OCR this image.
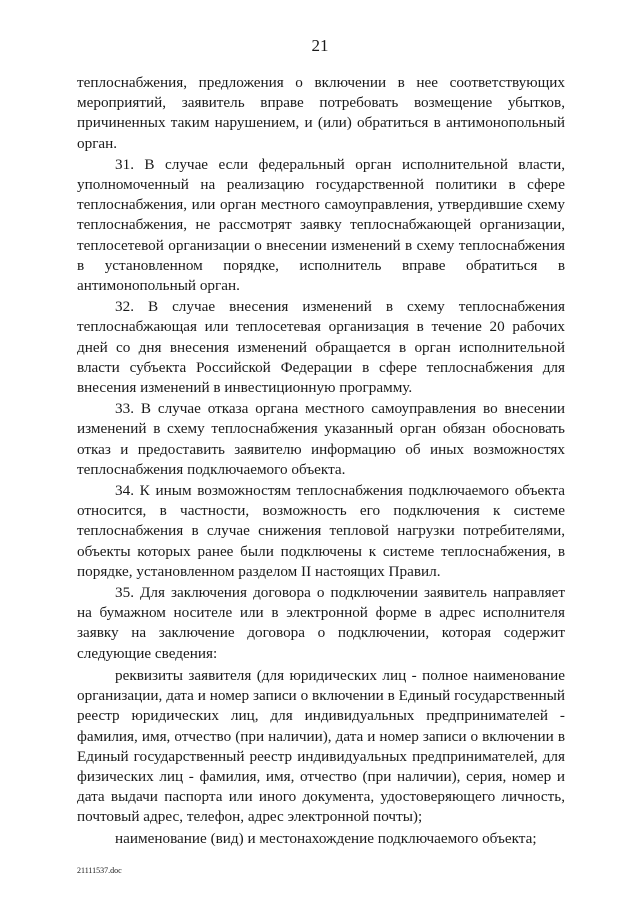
21

теплоснабжения, предложения о включении в нее соответствующих мероприятий, заявитель вправе потребовать возмещение убытков, причиненных таким нарушением, и (или) обратиться в антимонопольный орган.

31. В случае если федеральный орган исполнительной власти, уполномоченный на реализацию государственной политики в сфере теплоснабжения, или орган местного самоуправления, утвердившие схему теплоснабжения, не рассмотрят заявку теплоснабжающей организации, теплосетевой организации о внесении изменений в схему теплоснабжения в установленном порядке, исполнитель вправе обратиться в антимонопольный орган.

32. В случае внесения изменений в схему теплоснабжения теплоснабжающая или теплосетевая организация в течение 20 рабочих дней со дня внесения изменений обращается в орган исполнительной власти субъекта Российской Федерации в сфере теплоснабжения для внесения изменений в инвестиционную программу.

33. В случае отказа органа местного самоуправления во внесении изменений в схему теплоснабжения указанный орган обязан обосновать отказ и предоставить заявителю информацию об иных возможностях теплоснабжения подключаемого объекта.

34. К иным возможностям теплоснабжения подключаемого объекта относится, в частности, возможность его подключения к системе теплоснабжения в случае снижения тепловой нагрузки потребителями, объекты которых ранее были подключены к системе теплоснабжения, в порядке, установленном разделом II настоящих Правил.

35. Для заключения договора о подключении заявитель направляет на бумажном носителе или в электронной форме в адрес исполнителя заявку на заключение договора о подключении, которая содержит следующие сведения:

реквизиты заявителя (для юридических лиц - полное наименование организации, дата и номер записи о включении в Единый государственный реестр юридических лиц, для индивидуальных предпринимателей - фамилия, имя, отчество (при наличии), дата и номер записи о включении в Единый государственный реестр индивидуальных предпринимателей, для физических лиц - фамилия, имя, отчество (при наличии), серия, номер и дата выдачи паспорта или иного документа, удостоверяющего личность, почтовый адрес, телефон, адрес электронной почты);

наименование (вид) и местонахождение подключаемого объекта;

21111537.doc
